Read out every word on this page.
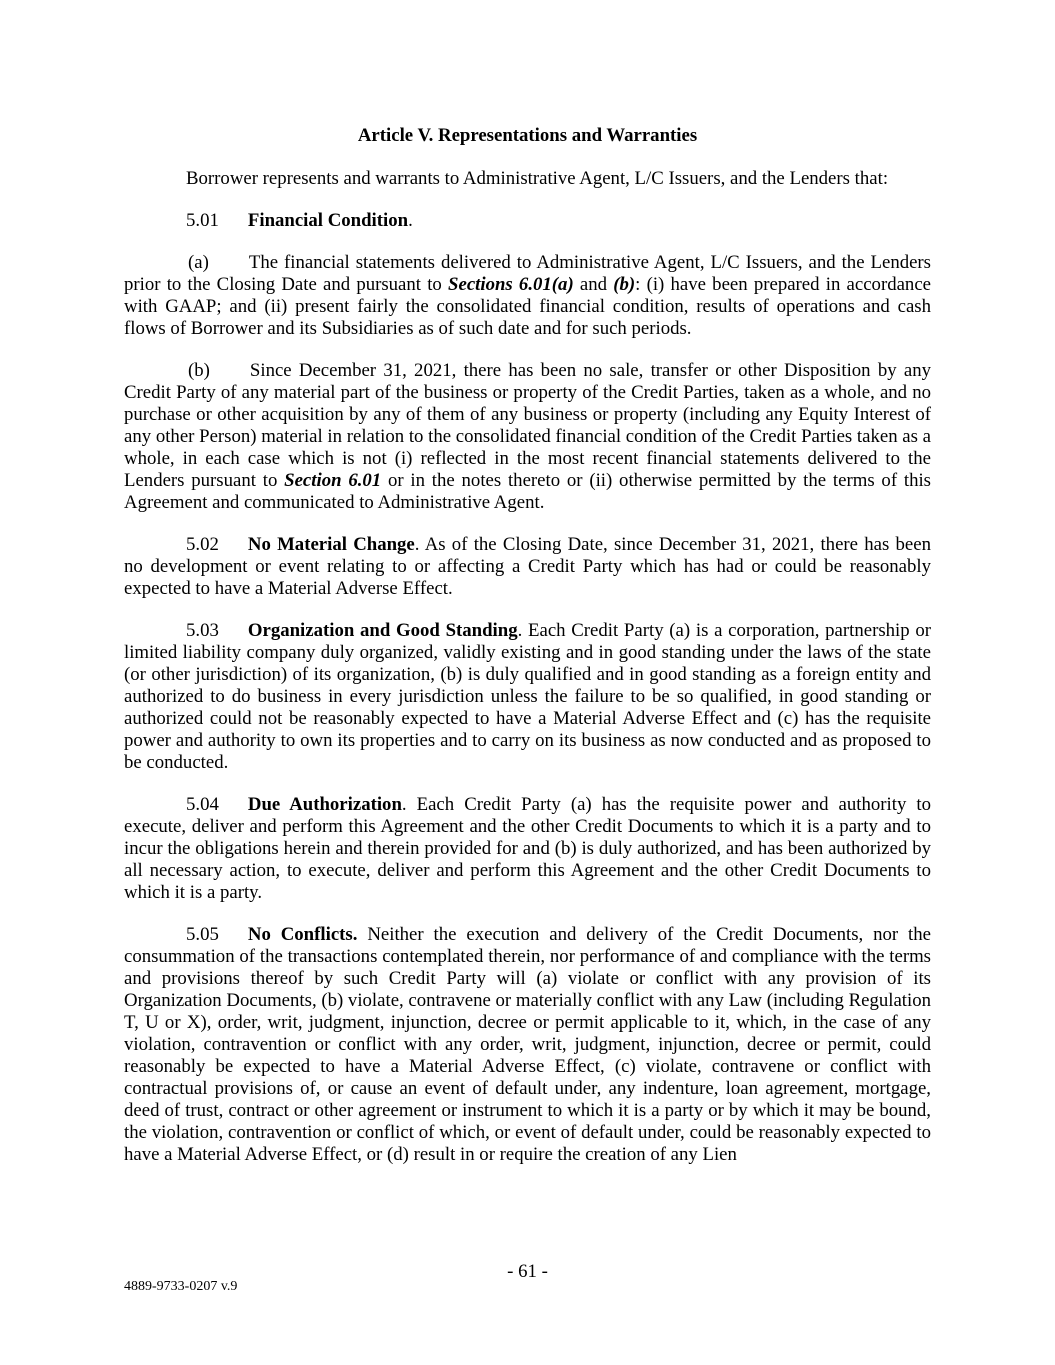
Article V. Representations and Warranties

Borrower represents and warrants to Administrative Agent, L/C Issuers, and the Lenders that:

5.01 Financial Condition.

(a) The financial statements delivered to Administrative Agent, L/C Issuers, and the Lenders prior to the Closing Date and pursuant to Sections 6.01(a) and (b): (i) have been prepared in accordance with GAAP; and (ii) present fairly the consolidated financial condition, results of operations and cash flows of Borrower and its Subsidiaries as of such date and for such periods.

(b) Since December 31, 2021, there has been no sale, transfer or other Disposition by any Credit Party of any material part of the business or property of the Credit Parties, taken as a whole, and no purchase or other acquisition by any of them of any business or property (including any Equity Interest of any other Person) material in relation to the consolidated financial condition of the Credit Parties taken as a whole, in each case which is not (i) reflected in the most recent financial statements delivered to the Lenders pursuant to Section 6.01 or in the notes thereto or (ii) otherwise permitted by the terms of this Agreement and communicated to Administrative Agent.

5.02 No Material Change. As of the Closing Date, since December 31, 2021, there has been no development or event relating to or affecting a Credit Party which has had or could be reasonably expected to have a Material Adverse Effect.

5.03 Organization and Good Standing. Each Credit Party (a) is a corporation, partnership or limited liability company duly organized, validly existing and in good standing under the laws of the state (or other jurisdiction) of its organization, (b) is duly qualified and in good standing as a foreign entity and authorized to do business in every jurisdiction unless the failure to be so qualified, in good standing or authorized could not be reasonably expected to have a Material Adverse Effect and (c) has the requisite power and authority to own its properties and to carry on its business as now conducted and as proposed to be conducted.

5.04 Due Authorization. Each Credit Party (a) has the requisite power and authority to execute, deliver and perform this Agreement and the other Credit Documents to which it is a party and to incur the obligations herein and therein provided for and (b) is duly authorized, and has been authorized by all necessary action, to execute, deliver and perform this Agreement and the other Credit Documents to which it is a party.

5.05 No Conflicts. Neither the execution and delivery of the Credit Documents, nor the consummation of the transactions contemplated therein, nor performance of and compliance with the terms and provisions thereof by such Credit Party will (a) violate or conflict with any provision of its Organization Documents, (b) violate, contravene or materially conflict with any Law (including Regulation T, U or X), order, writ, judgment, injunction, decree or permit applicable to it, which, in the case of any violation, contravention or conflict with any order, writ, judgment, injunction, decree or permit, could reasonably be expected to have a Material Adverse Effect, (c) violate, contravene or conflict with contractual provisions of, or cause an event of default under, any indenture, loan agreement, mortgage, deed of trust, contract or other agreement or instrument to which it is a party or by which it may be bound, the violation, contravention or conflict of which, or event of default under, could be reasonably expected to have a Material Adverse Effect, or (d) result in or require the creation of any Lien

- 61 -
4889-9733-0207 v.9
